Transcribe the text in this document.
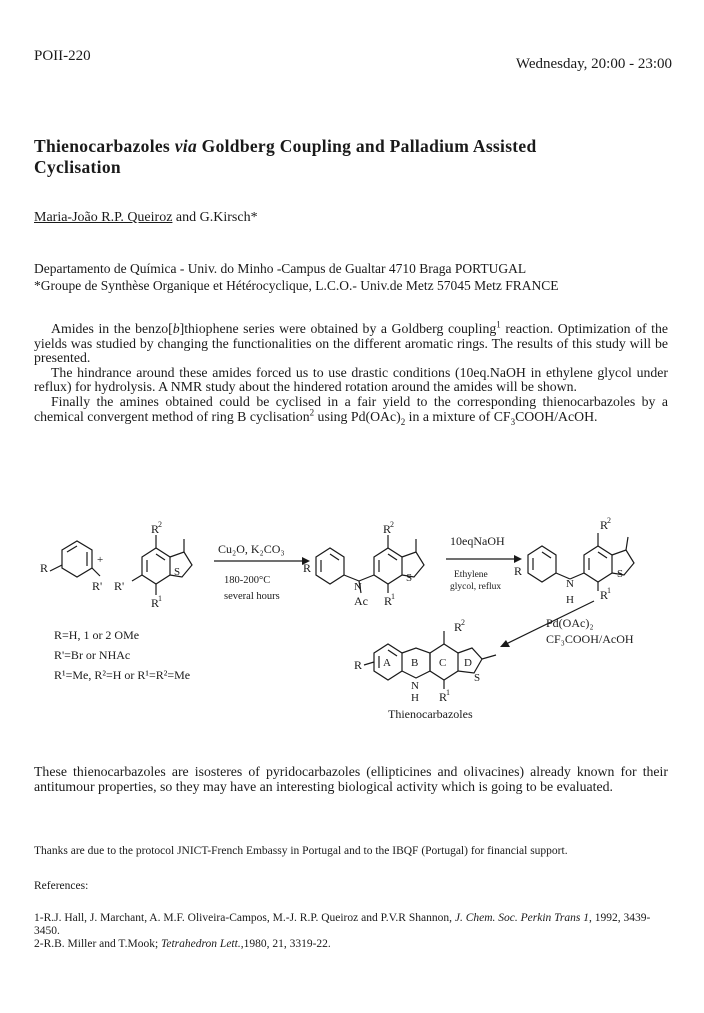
POII-220	Wednesday, 20:00 - 23:00
Thienocarbazoles via Goldberg Coupling and Palladium Assisted
Cyclisation
Maria-João R.P. Queiroz and G.Kirsch*
Departamento de Química - Univ. do Minho -Campus de Gualtar 4710 Braga PORTUGAL
*Groupe de Synthèse Organique et Hétérocyclique, L.C.O.- Univ.de Metz 57045 Metz FRANCE

Amides in the benzo[b]thiophene series were obtained by a Goldberg coupling$^1$ reaction. Optimization of the yields was studied by changing the functionalities on the different aromatic rings. The results of this study will be presented.

The hindrance around these amides forced us to use drastic conditions (10eq.NaOH in ethylene glycol under reflux) for hydrolysis. A NMR study about the hindered rotation around the amides will be shown.

Finally the amines obtained could be cyclised in a fair yield to the corresponding thienocarbazoles by a chemical convergent method of ring B cyclisation$^2$ using $Pd(OAc)_2$ in a mixture of $CF_3COOH$/AcOH.

R
R' R'
+
R
2
S
R
1
Cu₂O, K₂CO₃
180-200°C
several hours
R
N
Ac
R
2
S
R
1
10eqNaOH
Ethylene
glycol, reflux
R
N
H
R
2
S
R
1
Pd(OAc)₂
CF₃COOH/AcOH
R=H, 1 or 2 OMe
R'=Br or NHAc
R¹=Me, R²=H or R¹=R²=Me
R
2
R A B C D
S
N
H R
1
Thienocarbazoles

These thienocarbazoles are isosteres of pyridocarbazoles (ellipticines and olivacines) already known for their antitumour properties, so they may have an interesting biological activity which is going to be evaluated.

Thanks are due to the protocol JNICT-French Embassy in Portugal and to the IBQF (Portugal) for financial support.
References:
1-R.J. Hall, J. Marchant, A. M.F. Oliveira-Campos, M.-J. R.P. Queiroz and P.V.R Shannon, J. Chem. Soc. Perkin Trans 1, 1992, 3439-3450.
2-R.B. Miller and T.Mook; Tetrahedron Lett.,1980, 21, 3319-22.
